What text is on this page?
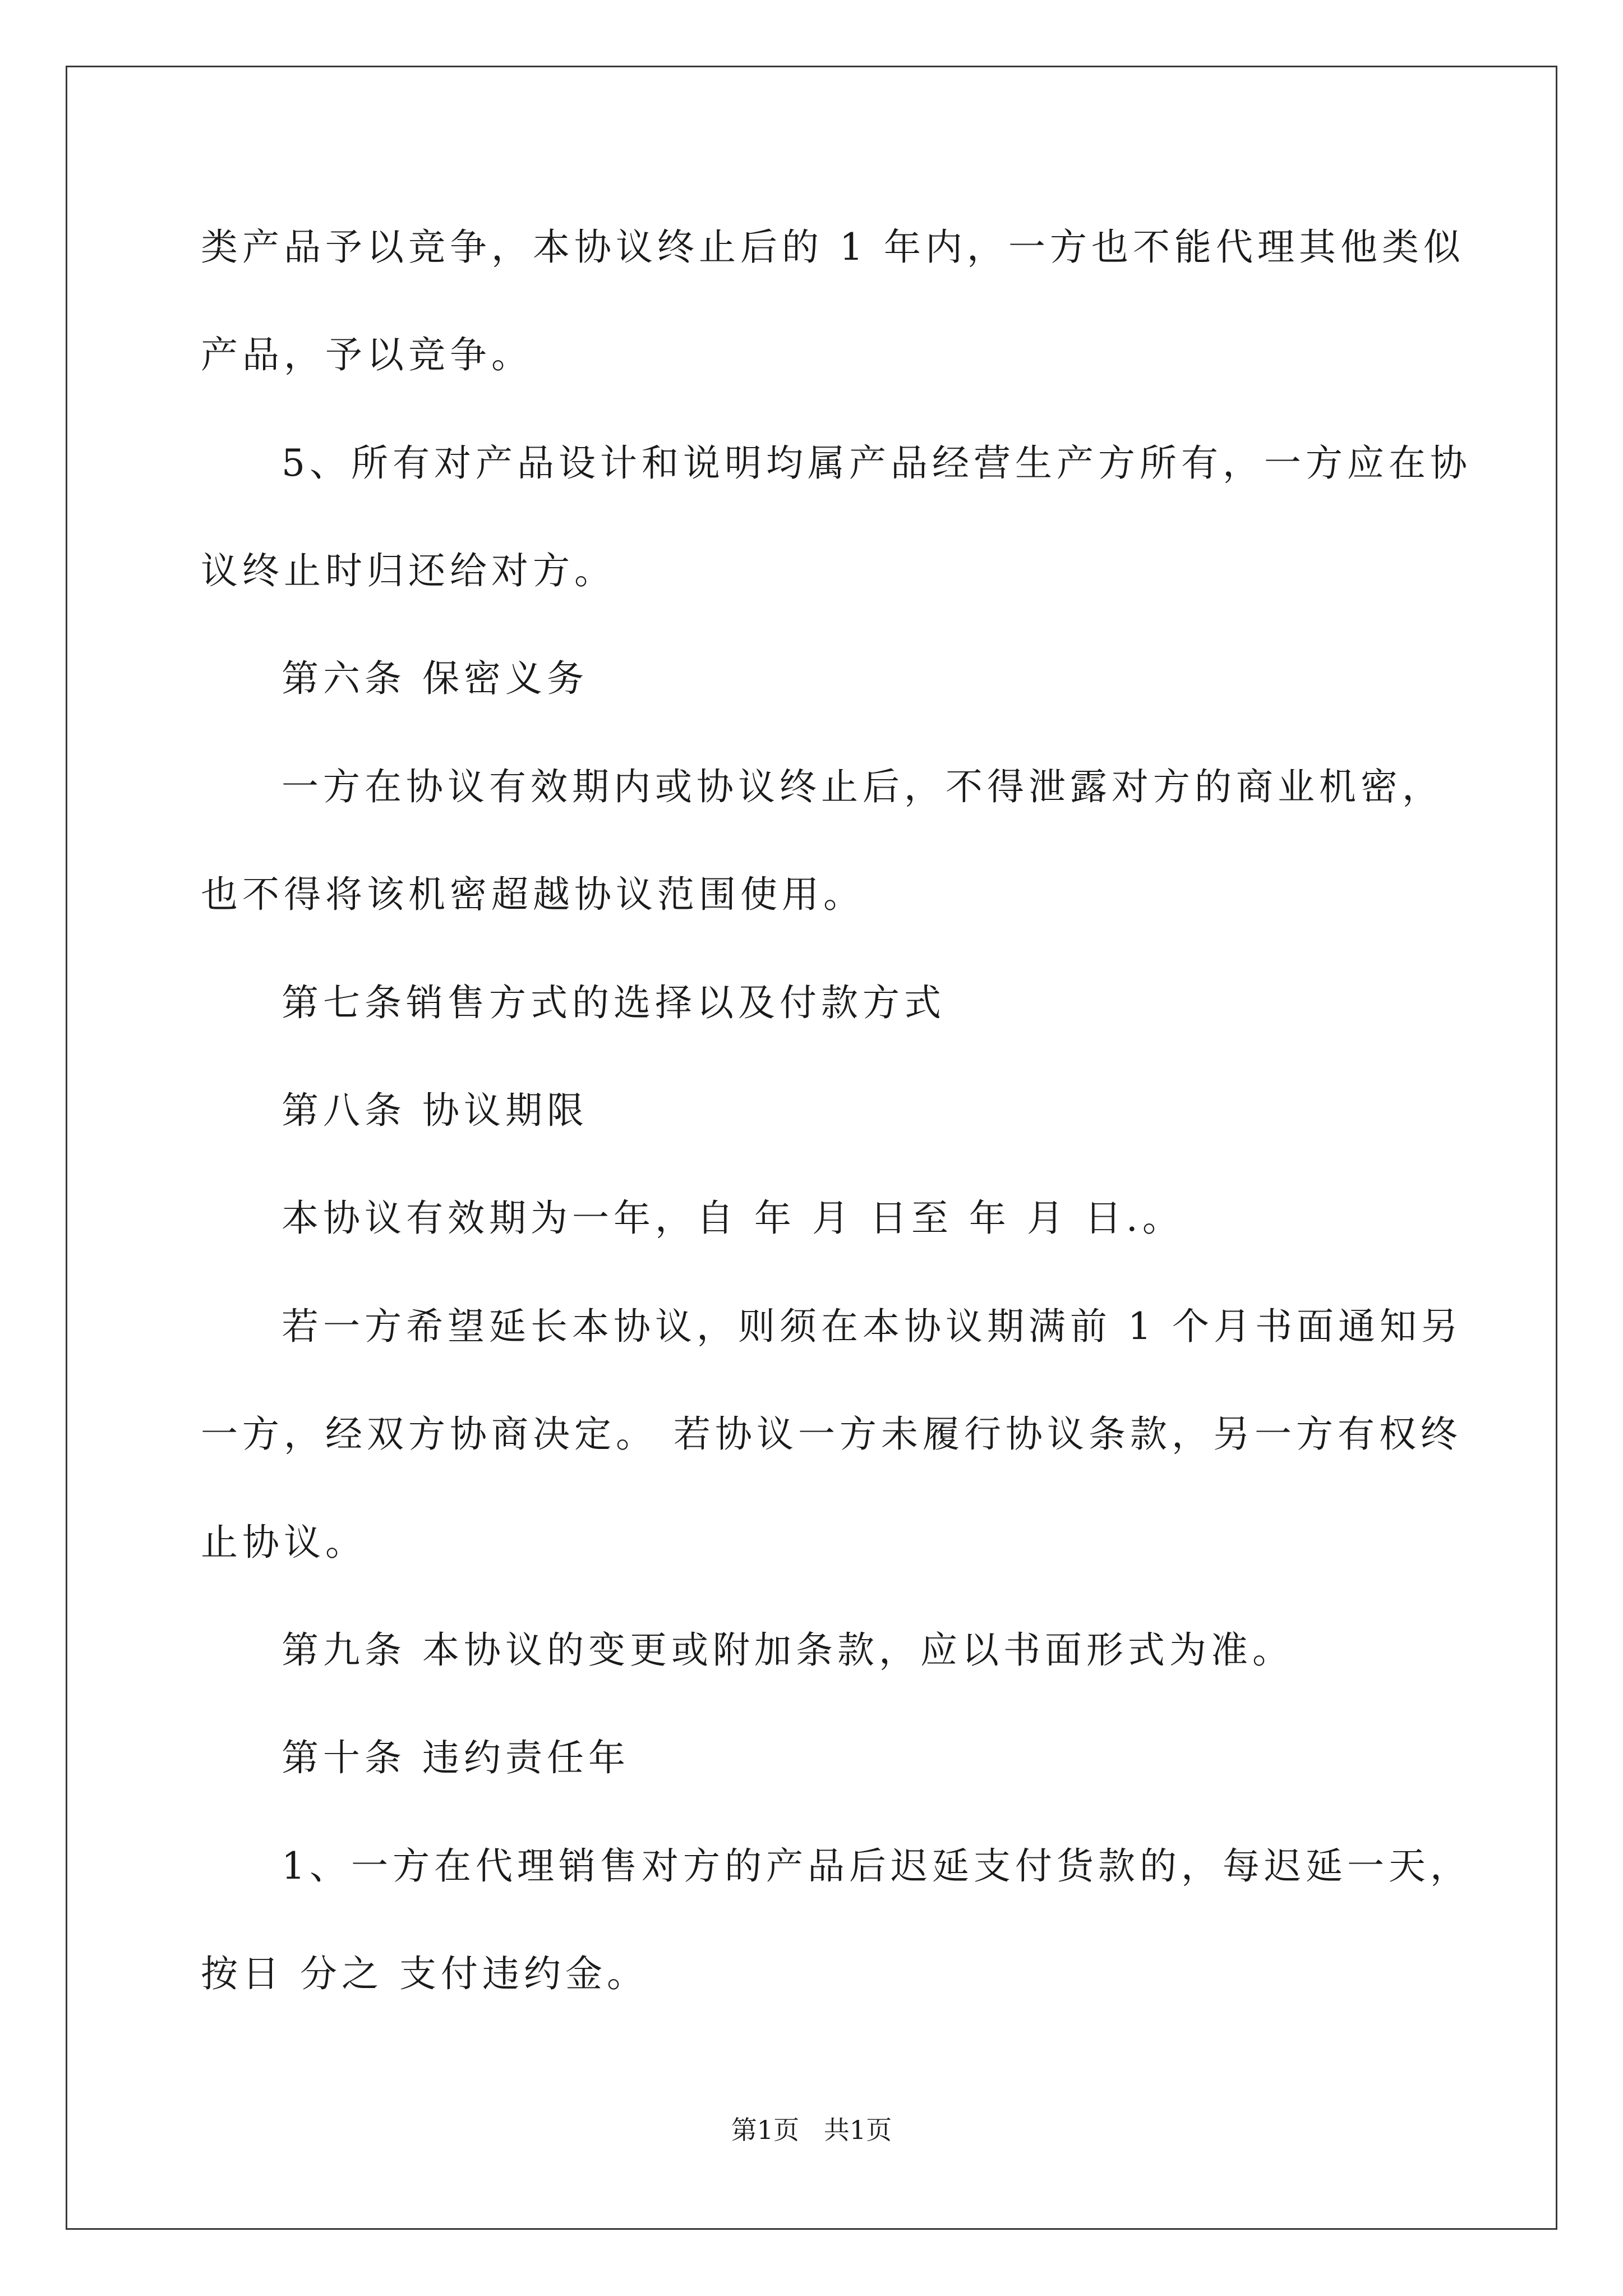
类产品予以竞争，本协议终止后的 1 年内，一方也不能代理其他类似
产品，予以竞争。
5、所有对产品设计和说明均属产品经营生产方所有，一方应在协
议终止时归还给对方。
第六条 保密义务
一方在协议有效期内或协议终止后，不得泄露对方的商业机密，
也不得将该机密超越协议范围使用。
第七条销售方式的选择以及付款方式
第八条 协议期限
本协议有效期为一年，自 年 月 日至 年 月 日.。
若一方希望延长本协议，则须在本协议期满前 1 个月书面通知另
一方，经双方协商决定。 若协议一方未履行协议条款，另一方有权终
止协议。
第九条 本协议的变更或附加条款，应以书面形式为准。
第十条 违约责任年
1、一方在代理销售对方的产品后迟延支付货款的，每迟延一天，
按日 分之 支付违约金。
第1页   共1页
